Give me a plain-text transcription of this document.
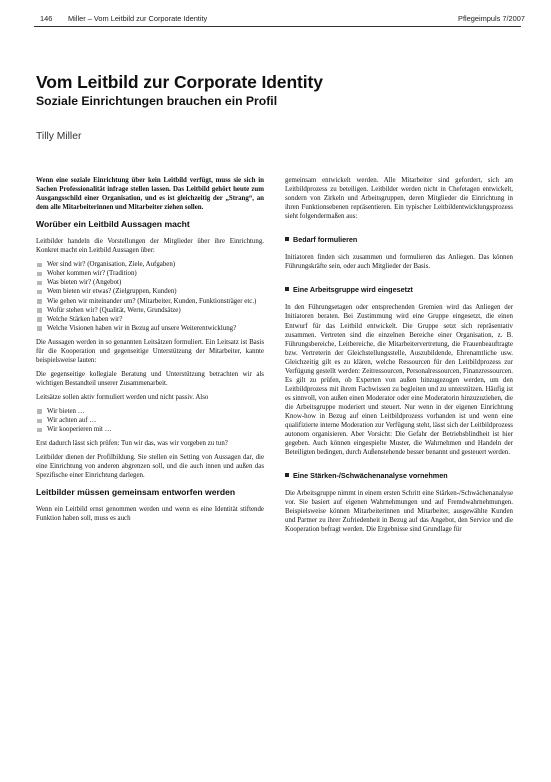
146 Miller – Vom Leitbild zur Corporate Identity	Pflegeimpuls 7/2007
Vom Leitbild zur Corporate Identity
Soziale Einrichtungen brauchen ein Profil
Tilly Miller

Wenn eine soziale Einrichtung über kein Leitbild verfügt, muss sie sich in Sachen Professionalität infrage stellen lassen. Das Leitbild gehört heute zum Ausgangsschild einer Organisation, und es ist gleichzeitig der „Strang“, an dem alle Mitarbeiterinnen und Mitarbeiter ziehen sollen.

Worüber ein Leitbild Aussagen macht

Leitbilder handeln die Vorstellungen der Mitglieder über ihre Einrichtung. Konkret macht ein Leitbild Aussagen über:

Wer sind wir? (Organisation, Ziele, Aufgaben)
Woher kommen wir? (Tradition)
Was bieten wir? (Angebot)
Wem bieten wir etwas? (Zielgruppen, Kunden)
Wie gehen wir miteinander um? (Mitarbeiter, Kunden, Funktionsträger etc.)
Wofür stehen wir? (Qualität, Werte, Grundsätze)
Welche Stärken haben wir?
Welche Visionen haben wir in Bezug auf unsere Weiterentwicklung?

Die Aussagen werden in so genannten Leitsätzen formuliert. Ein Leitsatz ist Basis für die Kooperation und gegenseitige Unterstützung der Mitarbeiter, kannte beispielsweise lauten:

Die gegenseitige kollegiale Beratung und Unterstützung betrachten wir als wichtigen Bestandteil unserer Zusammenarbeit.

Leitsätze sollen aktiv formuliert werden und nicht passiv. Also

Wir bieten …
Wir achten auf …
Wir kooperieren mit …

Erst dadurch lässt sich prüfen: Tun wir das, was wir vorgeben zu tun?

Leitbilder dienen der Profilbildung. Sie stellen ein Setting von Aussagen dar, die eine Einrichtung von anderen abgrenzen soll, und die auch innen und außen das Spezifische einer Einrichtung darlegen.

Leitbilder müssen gemeinsam entworfen werden

Wenn ein Leitbild ernst genommen werden und wenn es eine Identität stiftende Funktion haben soll, muss es auch

gemeinsam entwickelt werden. Alle Mitarbeiter sind gefordert, sich am Leitbildprozess zu beteiligen. Leitbilder werden nicht in Chefetagen entwickelt, sondern von Zirkeln und Arbeitsgruppen, deren Mitglieder die Einrichtung in ihren Funktionsebenen repräsentieren. Ein typischer Leitbildentwicklungsprozess sieht folgendermaßen aus:

Bedarf formulieren

Initiatoren finden sich zusammen und formulieren das Anliegen. Das können Führungskräfte sein, oder auch Mitglieder der Basis.

Eine Arbeitsgruppe wird eingesetzt

In den Führungsetagen oder entsprechenden Gremien wird das Anliegen der Initiatoren beraten. Bei Zustimmung wird eine Gruppe eingesetzt, die einen Entwurf für das Leitbild entwickelt. Die Gruppe setzt sich repräsentativ zusammen. Vertreten sind die einzelnen Bereiche einer Organisation, z. B. Führungsbereiche, Leitbereiche, die Mitarbeitervertretung, die Frauenbeauftragte bzw. Vertreterin der Gleichstellungsstelle, Auszubildende, Ehrenamtliche usw. Gleichzeitig gilt es zu klären, welche Ressourcen für den Leitbildprozess zur Verfügung gestellt werden: Zeitressourcen, Personalressourcen, Finanzressourcen. Es gilt zu prüfen, ob Experten von außen hinzugezogen werden, um den Leitbildprozess mit ihrem Fachwissen zu begleiten und zu unterstützen. Häufig ist es sinnvoll, von außen einen Moderator oder eine Moderatorin hinzuzuziehen, die die Arbeitsgruppe moderiert und steuert. Nur wenn in der eigenen Einrichtung Know-how in Bezug auf einen Leitbildprozess vorhanden ist und wenn eine qualifizierte interne Moderation zur Verfügung steht, lässt sich der Leitbildprozess autonom organisieren. Aber Vorsicht: Die Gefahr der Betriebsblindheit ist hier gegeben. Auch können eingespielte Muster, die Wahrnehmen und Handeln der Beteiligten bedingen, durch Außenstehende besser benannt und gesteuert werden.

Eine Stärken-/Schwächenanalyse vornehmen

Die Arbeitsgruppe nimmt in einem ersten Schritt eine Stärken-/Schwächenanalyse vor. Sie basiert auf eigenen Wahrnehmungen und auf Fremdwahrnehmungen. Beispielsweise können Mitarbeiterinnen und Mitarbeiter, ausgewählte Kunden und Partner zu ihrer Zufriedenheit in Bezug auf das Angebot, den Service und die Kooperation befragt werden. Die Ergebnisse sind Grundlage für
